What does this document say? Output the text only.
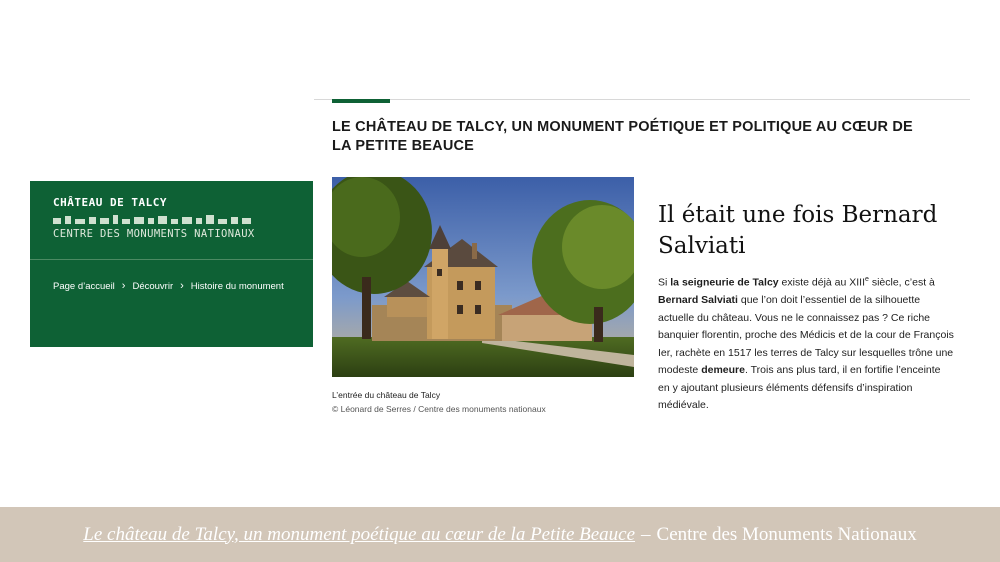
CHÂTEAU DE TALCY
CENTRE DES MONUMENTS NATIONAUX
Page d’accueil › Découvrir › Histoire du monument
LE CHÂTEAU DE TALCY, UN MONUMENT POÉTIQUE ET POLITIQUE AU CŒUR DE LA PETITE BEAUCE
L’entrée du château de Talcy
© Léonard de Serres / Centre des monuments nationaux
Il était une fois Bernard Salviati

Si la seigneurie de Talcy existe déjà au XIIIe siècle, c’est à Bernard Salviati que l’on doit l’essentiel de la silhouette actuelle du château. Vous ne le connaissez pas ? Ce riche banquier florentin, proche des Médicis et de la cour de François Ier, rachète en 1517 les terres de Talcy sur lesquelles trône une modeste demeure. Trois ans plus tard, il en fortifie l’enceinte en y ajoutant plusieurs éléments défensifs d’inspiration médiévale.

Le château de Talcy, un monument poétique au cœur de la Petite Beauce – Centre des Monuments Nationaux
